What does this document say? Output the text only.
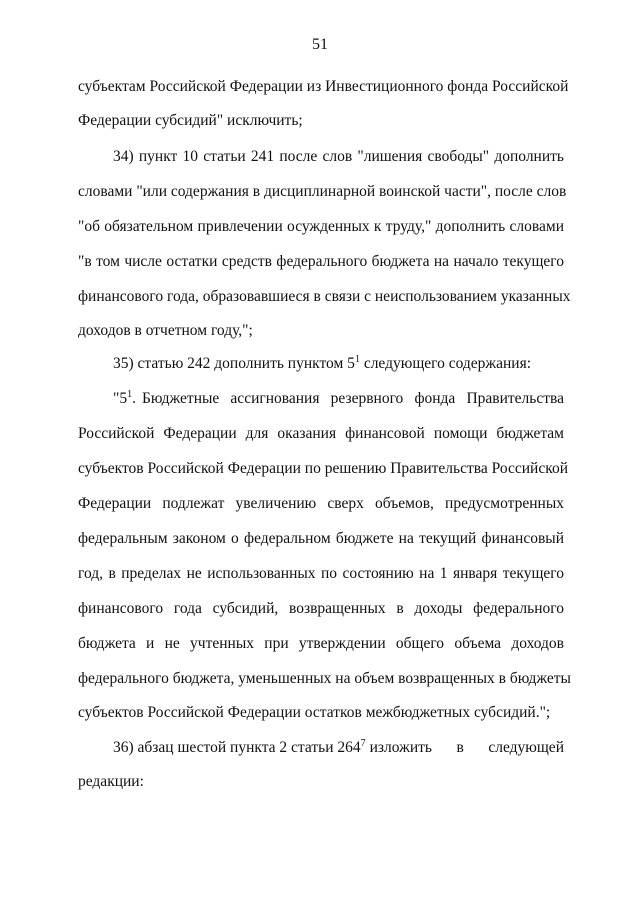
51
субъектам Российской Федерации из Инвестиционного фонда Российской
Федерации субсидий" исключить;
34) пункт 10 статьи 241 после слов "лишения свободы" дополнить
словами "или содержания в дисциплинарной воинской части", после слов
"об обязательном привлечении осужденных к труду," дополнить словами
"в том числе остатки средств федерального бюджета на начало текущего
финансового года, образовавшиеся в связи с неиспользованием указанных
доходов в отчетном году,";
35) статью 242 дополнить пунктом $5^1$ следующего содержания:
"$5^1$. Бюджетные ассигнования резервного фонда Правительства
Российской Федерации для оказания финансовой помощи бюджетам
субъектов Российской Федерации по решению Правительства Российской
Федерации подлежат увеличению сверх объемов, предусмотренных
федеральным законом о федеральном бюджете на текущий финансовый
год, в пределах не использованных по состоянию на 1 января текущего
финансового года субсидий, возвращенных в доходы федерального
бюджета и не учтенных при утверждении общего объема доходов
федерального бюджета, уменьшенных на объем возвращенных в бюджеты
субъектов Российской Федерации остатков межбюджетных субсидий.";
36) абзац шестой пункта 2 статьи $264^7$ изложить в следующей
редакции:
